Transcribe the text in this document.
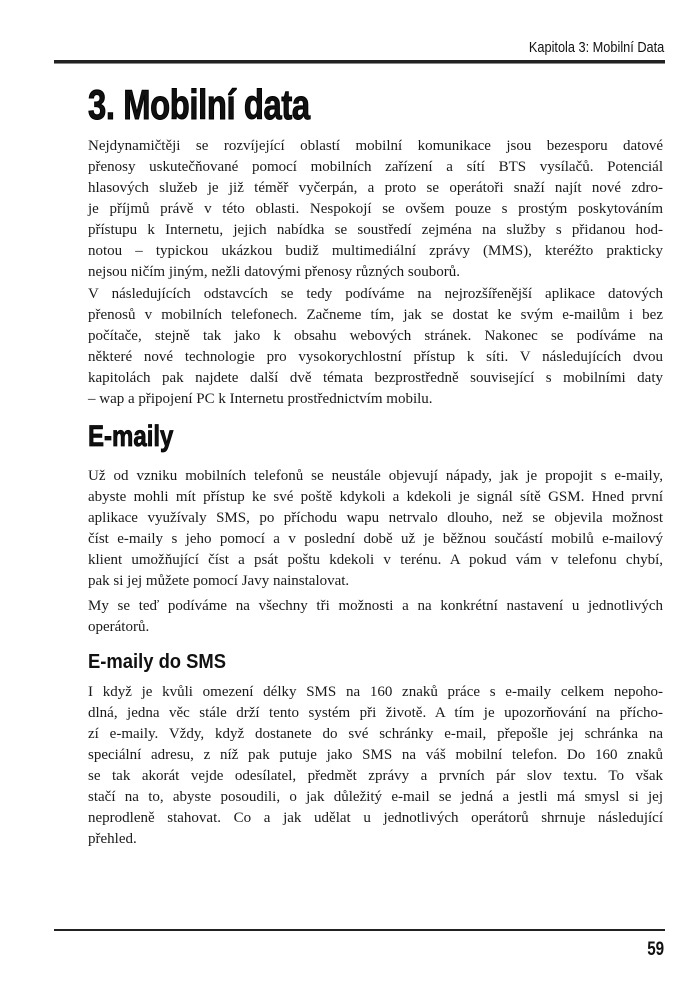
Kapitola 3: Mobilní Data
3. Mobilní data
Nejdynamičtěji se rozvíjející oblastí mobilní komunikace jsou bezesporu datové
přenosy uskutečňované pomocí mobilních zařízení a sítí BTS vysílačů. Potenciál
hlasových služeb je již téměř vyčerpán, a proto se operátoři snaží najít nové zdro-
je příjmů právě v této oblasti. Nespokojí se ovšem pouze s prostým poskytováním
přístupu k Internetu, jejich nabídka se soustředí zejména na služby s přidanou hod-
notou – typickou ukázkou budiž multimediální zprávy (MMS), kteréžto prakticky
nejsou ničím jiným, nežli datovými přenosy různých souborů.
V následujících odstavcích se tedy podíváme na nejrozšířenější aplikace datových
přenosů v mobilních telefonech. Začneme tím, jak se dostat ke svým e-mailům i bez
počítače, stejně tak jako k obsahu webových stránek. Nakonec se podíváme na
některé nové technologie pro vysokorychlostní přístup k síti. V následujících dvou
kapitolách pak najdete další dvě témata bezprostředně související s mobilními daty
– wap a připojení PC k Internetu prostřednictvím mobilu.
E-maily
Už od vzniku mobilních telefonů se neustále objevují nápady, jak je propojit s e-maily,
abyste mohli mít přístup ke své poště kdykoli a kdekoli je signál sítě GSM. Hned první
aplikace využívaly SMS, po příchodu wapu netrvalo dlouho, než se objevila možnost
číst e-maily s jeho pomocí a v poslední době už je běžnou součástí mobilů e-mailový
klient umožňující číst a psát poštu kdekoli v terénu. A pokud vám v telefonu chybí,
pak si jej můžete pomocí Javy nainstalovat.
My se teď podíváme na všechny tři možnosti a na konkrétní nastavení u jednotlivých
operátorů.
E-maily do SMS
I když je kvůli omezení délky SMS na 160 znaků práce s e-maily celkem nepoho-
dlná, jedna věc stále drží tento systém při životě. A tím je upozorňování na přícho-
zí e-maily. Vždy, když dostanete do své schránky e-mail, přepošle jej schránka na
speciální adresu, z níž pak putuje jako SMS na váš mobilní telefon. Do 160 znaků
se tak akorát vejde odesílatel, předmět zprávy a prvních pár slov textu. To však
stačí na to, abyste posoudili, o jak důležitý e-mail se jedná a jestli má smysl si jej
neprodleně stahovat. Co a jak udělat u jednotlivých operátorů shrnuje následující
přehled.
59
